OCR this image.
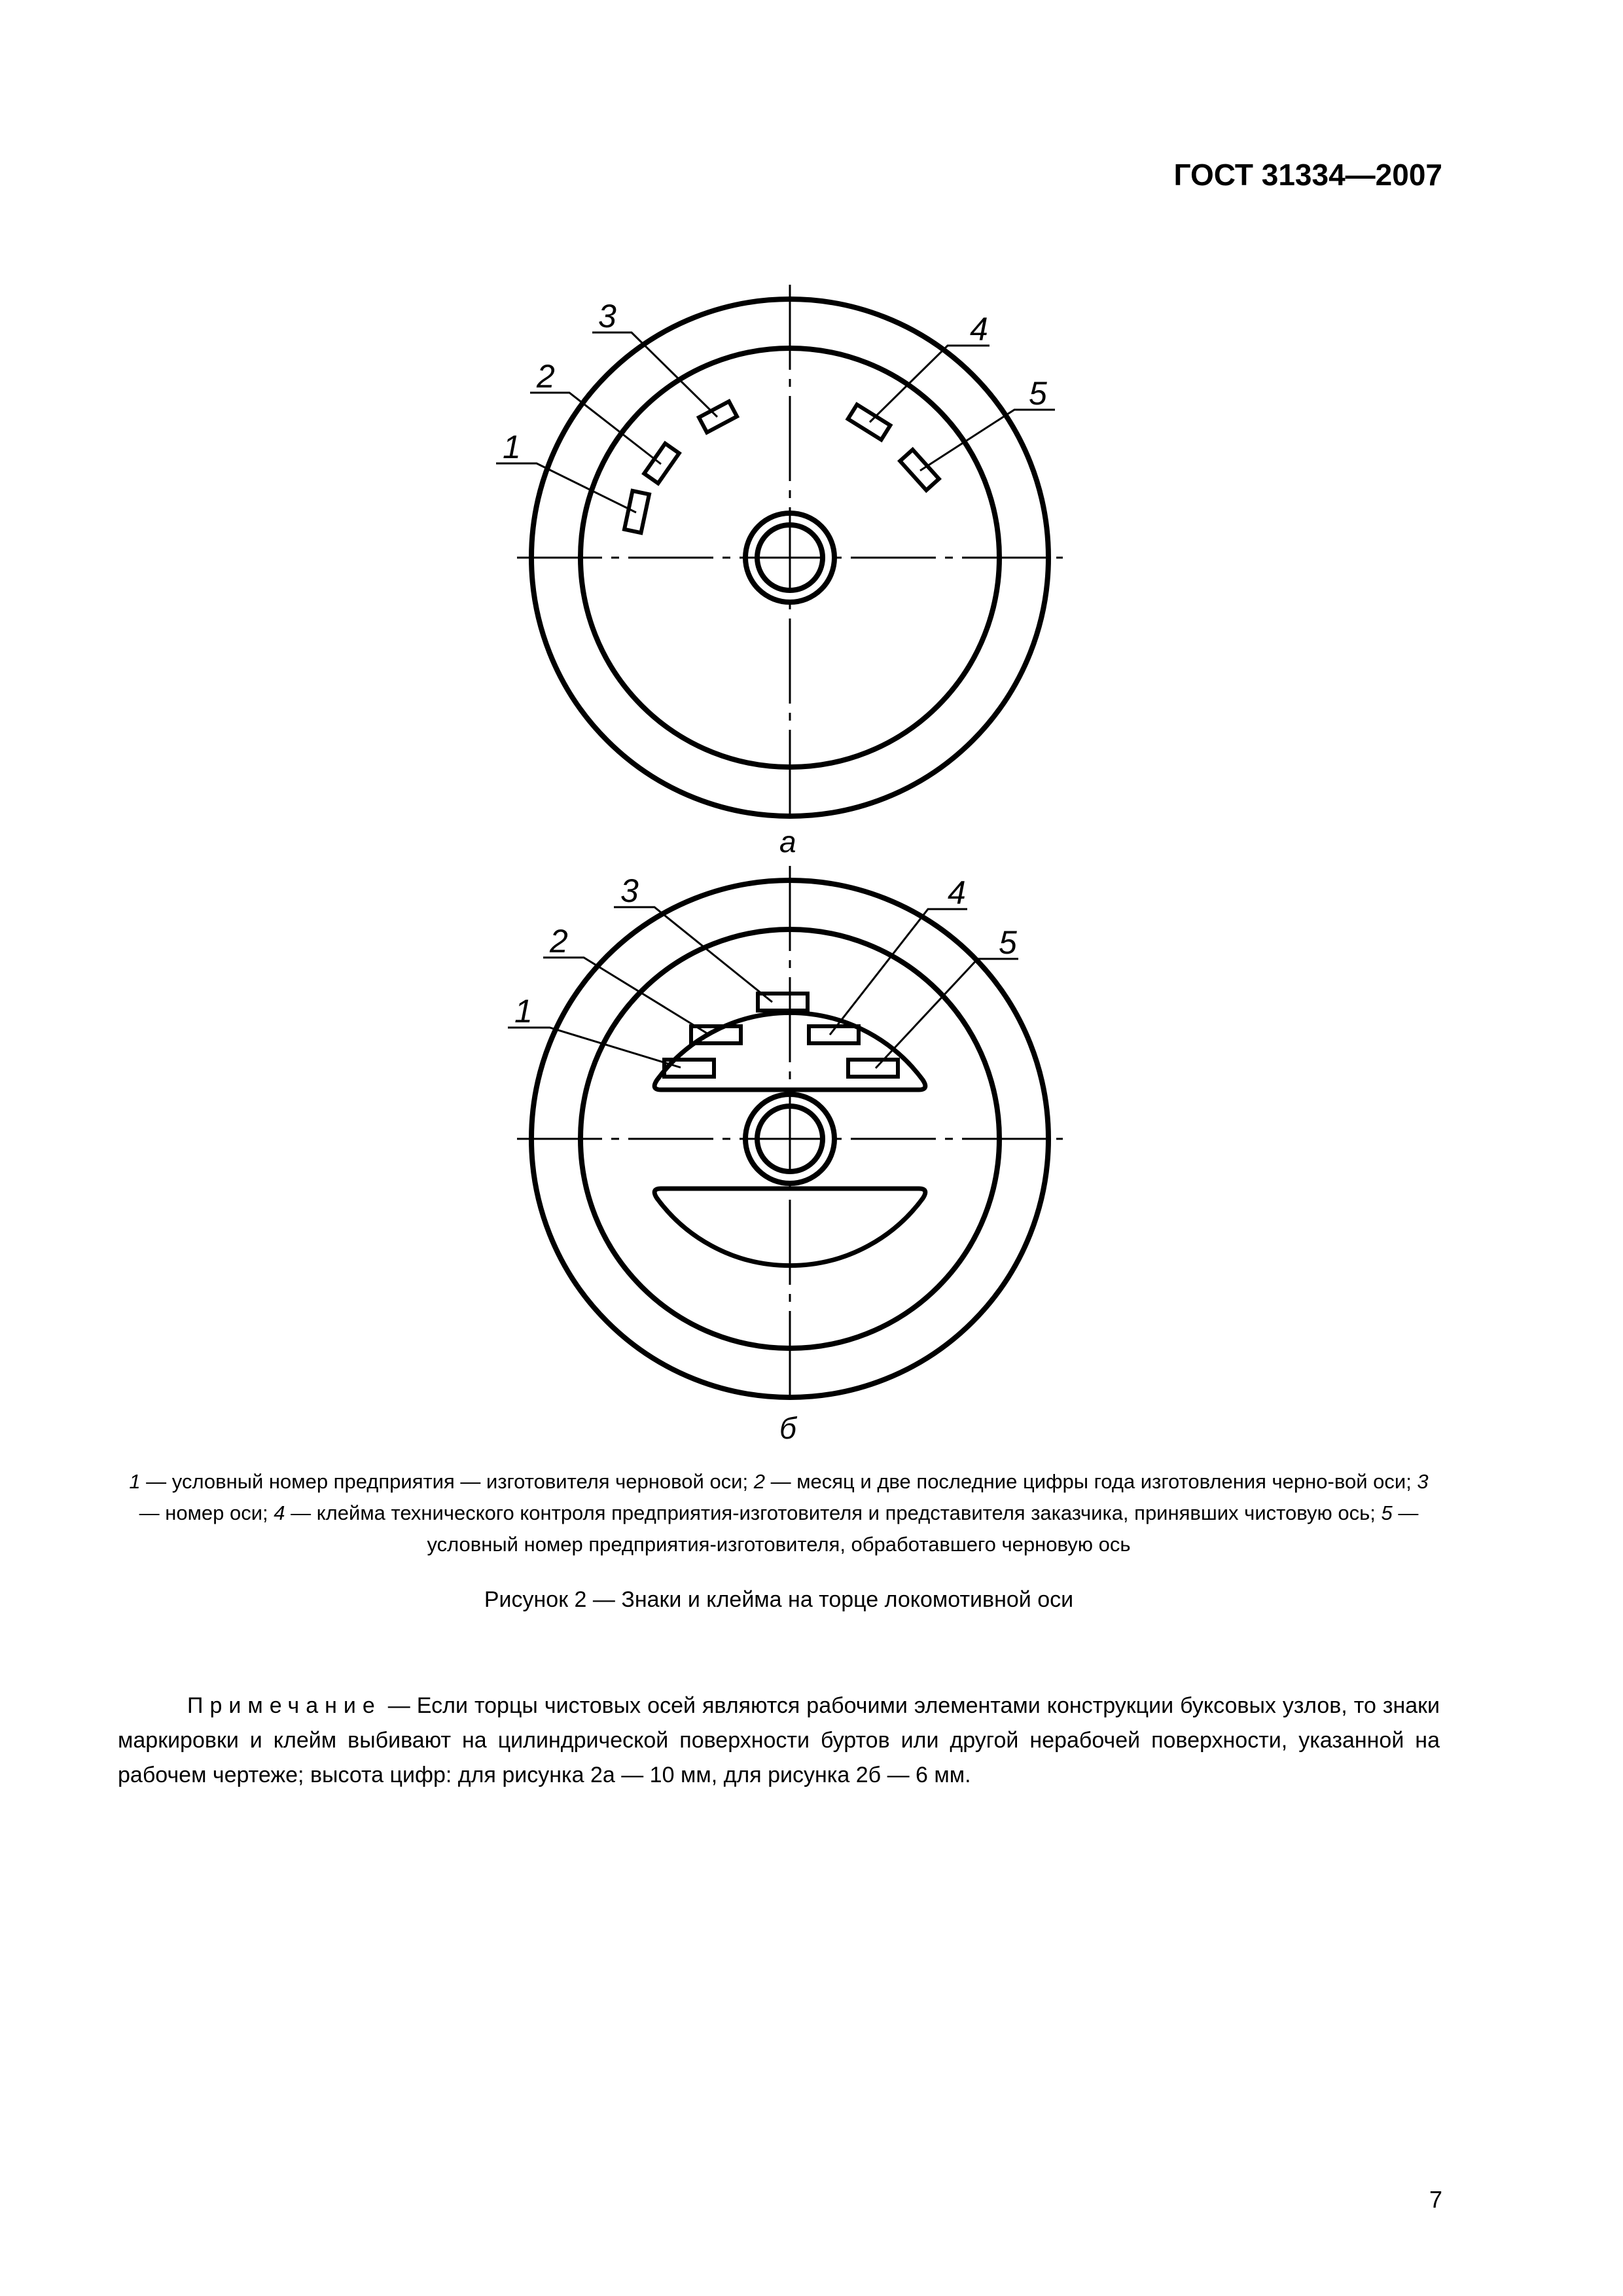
ГОСТ 31334—2007
1
2
3	4
5
а
1
2
3	4
5
б
1 — условный номер предприятия — изготовителя черновой оси; 2 — месяц и две последние цифры года изготовления черно-вой оси; 3 — номер оси; 4 — клейма технического контроля предприятия-изготовителя и представителя заказчика, принявших чистовую ось; 5 — условный номер предприятия-изготовителя, обработавшего черновую ось
Рисунок 2 — Знаки и клейма на торце локомотивной оси

Примечание — Если торцы чистовых осей являются рабочими элементами конструкции буксовых узлов, то знаки маркировки и клейм выбивают на цилиндрической поверхности буртов или другой нерабочей поверхности, указанной на рабочем чертеже; высота цифр: для рисунка 2а — 10 мм, для рисунка 2б — 6 мм.

7
